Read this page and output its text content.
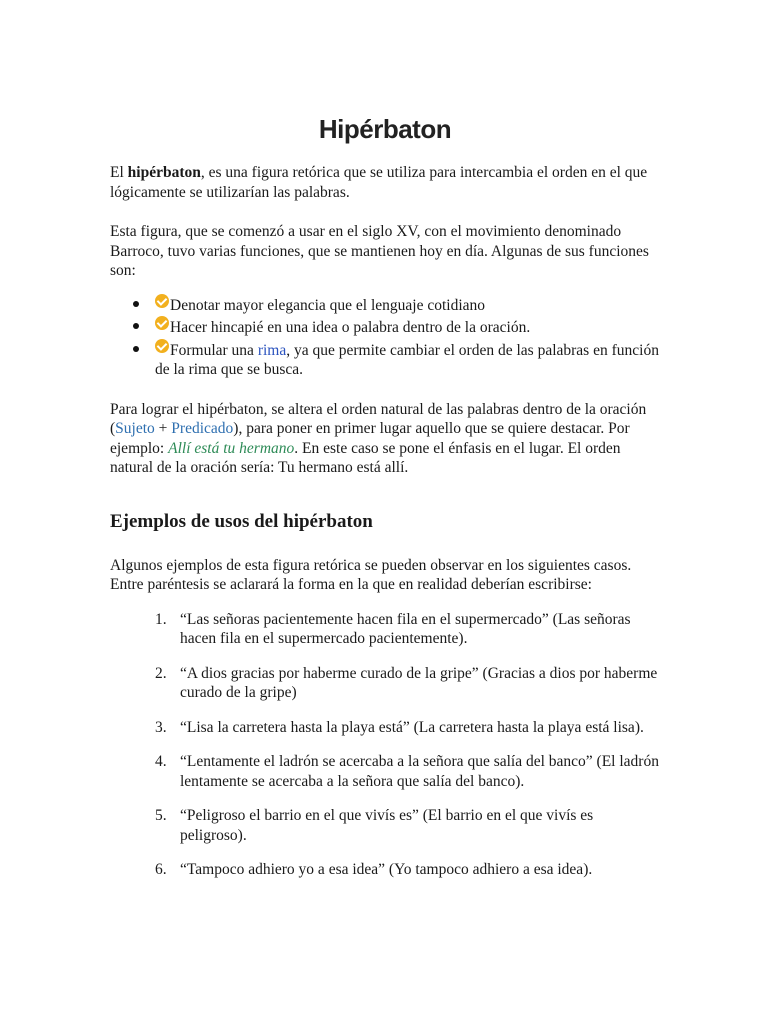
Hipérbaton

El hipérbaton, es una figura retórica que se utiliza para intercambia el orden en el que lógicamente se utilizarían las palabras.

Esta figura, que se comenzó a usar en el siglo XV, con el movimiento denominado Barroco, tuvo varias funciones, que se mantienen hoy en día. Algunas de sus funciones son:

Denotar mayor elegancia que el lenguaje cotidiano
Hacer hincapié en una idea o palabra dentro de la oración.
Formular una rima, ya que permite cambiar el orden de las palabras en función de la rima que se busca.

Para lograr el hipérbaton, se altera el orden natural de las palabras dentro de la oración (Sujeto + Predicado), para poner en primer lugar aquello que se quiere destacar. Por ejemplo: Allí está tu hermano. En este caso se pone el énfasis en el lugar. El orden natural de la oración sería: Tu hermano está allí.

Ejemplos de usos del hipérbaton

Algunos ejemplos de esta figura retórica se pueden observar en los siguientes casos. Entre paréntesis se aclarará la forma en la que en realidad deberían escribirse:

1. “Las señoras pacientemente hacen fila en el supermercado” (Las señoras hacen fila en el supermercado pacientemente).
2. “A dios gracias por haberme curado de la gripe” (Gracias a dios por haberme curado de la gripe)
3. “Lisa la carretera hasta la playa está” (La carretera hasta la playa está lisa).
4. “Lentamente el ladrón se acercaba a la señora que salía del banco” (El ladrón lentamente se acercaba a la señora que salía del banco).
5. “Peligroso el barrio en el que vivís es” (El barrio en el que vivís es peligroso).
6. “Tampoco adhiero yo a esa idea” (Yo tampoco adhiero a esa idea).
